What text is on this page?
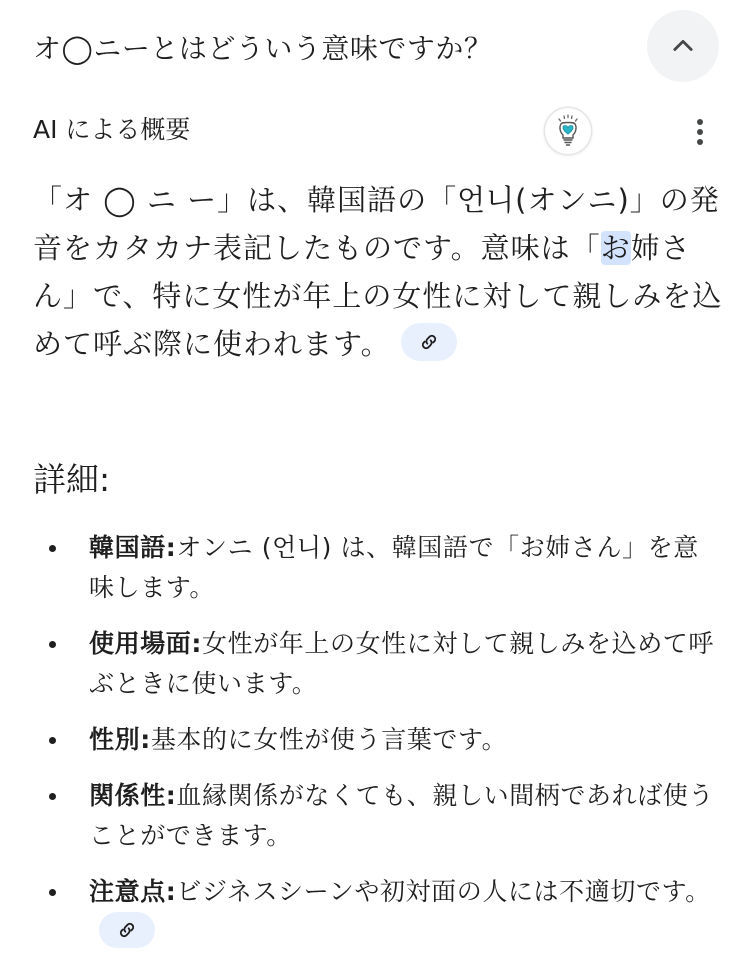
オ◯ニーとはどういう意味ですか？
AI による概要

「オ ◯ ニ ー」は、韓国語の「언니(オンニ)」の発音をカタカナ表記したものです。意味は「お姉さん」で、特に女性が年上の女性に対して親しみを込めて呼ぶ際に使われます。

詳細:
韓国語:オンニ (언니) は、韓国語で「お姉さん」を意味します。
使用場面:女性が年上の女性に対して親しみを込めて呼ぶときに使います。
性別:基本的に女性が使う言葉です。
関係性:血縁関係がなくても、親しい間柄であれば使うことができます。
注意点:ビジネスシーンや初対面の人には不適切です。
